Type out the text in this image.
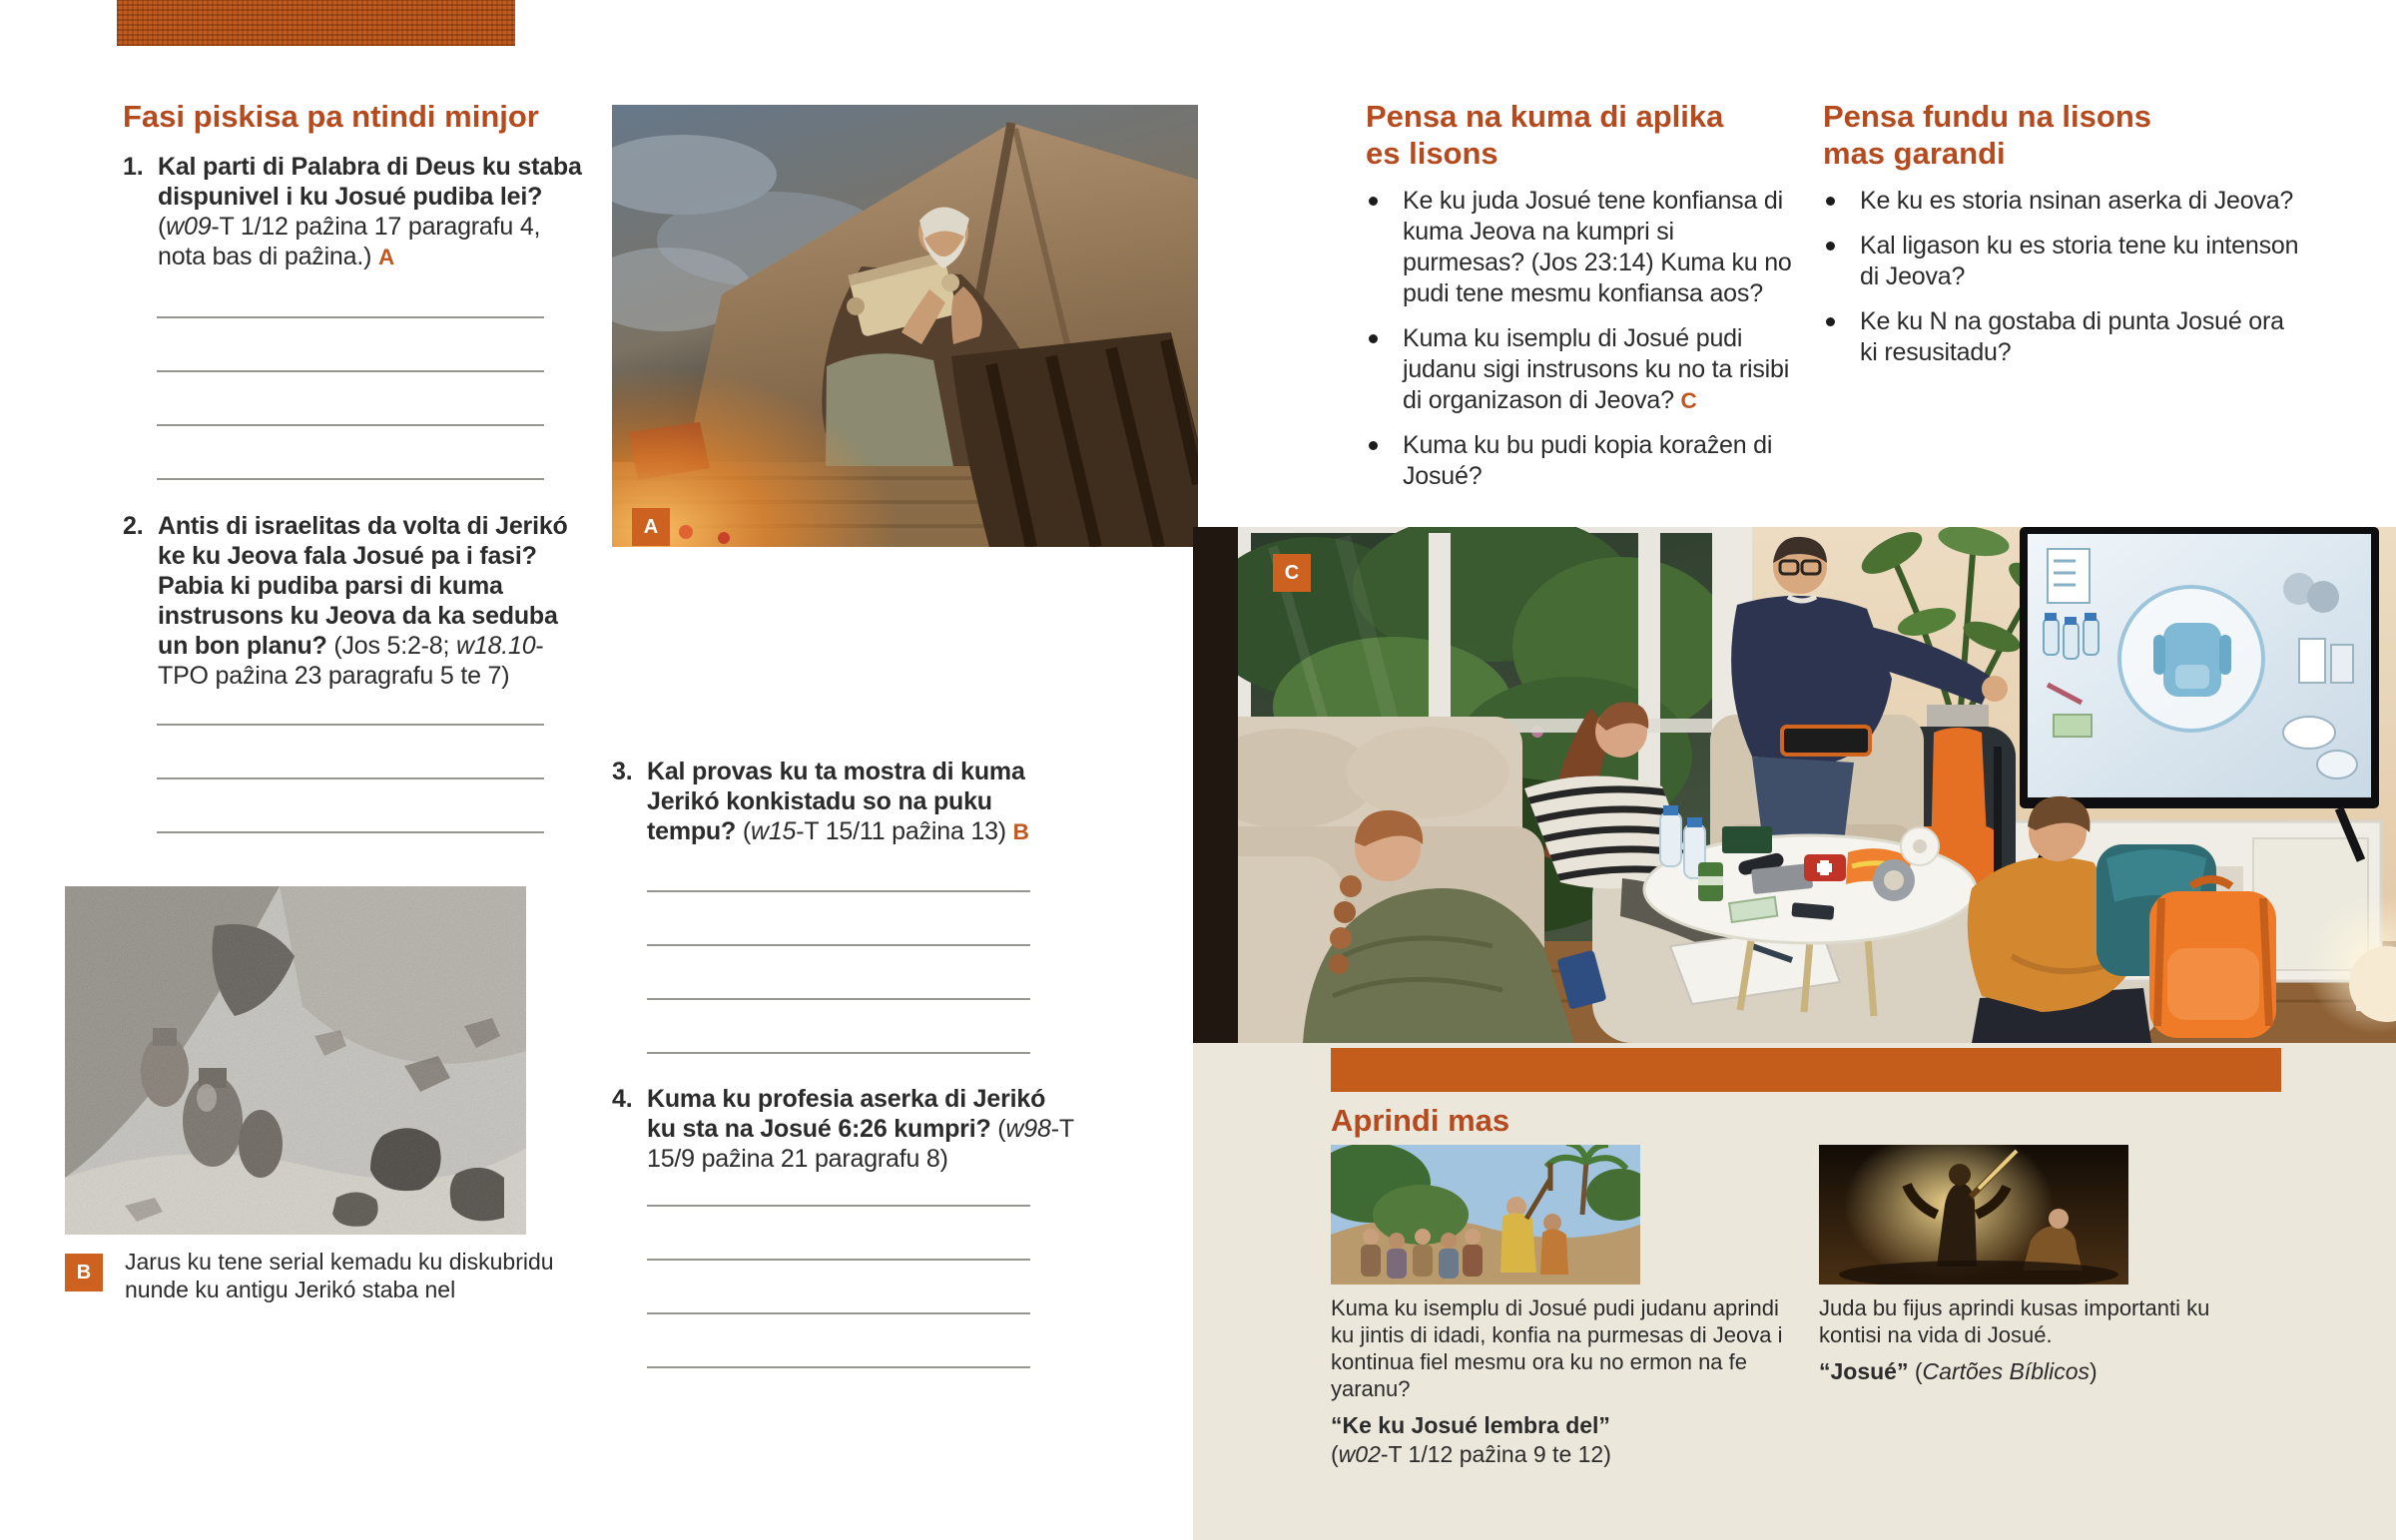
Fasi piskisa pa ntindi minjor
1. Kal parti di Palabra di Deus ku staba dispunivel i ku Josué pudiba lei? (w09-T 1/12 paẑina 17 paragrafu 4, nota bas di paẑina.) A
2. Antis di israelitas da volta di Jerikó ke ku Jeova fala Josué pa i fasi? Pabia ki pudiba parsi di kuma instrusons ku Jeova da ka seduba un bon planu? (Jos 5:2-8; w18.10-TPO paẑina 23 paragrafu 5 te 7)
B Jarus ku tene serial kemadu ku diskubridu nunde ku antigu Jerikó staba nel
A
3. Kal provas ku ta mostra di kuma Jerikó konkistadu so na puku tempu? (w15-T 15/11 paẑina 13) B
4. Kuma ku profesia aserka di Jerikó ku sta na Josué 6:26 kumpri? (w98-T 15/9 paẑina 21 paragrafu 8)
Pensa na kuma di aplika
es lisons
Ke ku juda Josué tene konfiansa di kuma Jeova na kumpri si purmesas? (Jos 23:14) Kuma ku no pudi tene mesmu konfiansa aos?
Kuma ku isemplu di Josué pudi judanu sigi instrusons ku no ta risibi di organizason di Jeova? C
Kuma ku bu pudi kopia koraẑen di Josué?
Pensa fundu na lisons
mas garandi
Ke ku es storia nsinan aserka di Jeova?
Kal ligason ku es storia tene ku intenson di Jeova?
Ke ku N na gostaba di punta Josué ora ki resusitadu?
C
Aprindi mas

Kuma ku isemplu di Josué pudi judanu aprindi ku jintis di idadi, konfia na purmesas di Jeova i kontinua fiel mesmu ora ku no ermon na fe yaranu?

“Ke ku Josué lembra del”

(w02-T 1/12 paẑina 9 te 12)

Juda bu fijus aprindi kusas importanti ku kontisi na vida di Josué.

“Josué” (Cartões Bíblicos)
